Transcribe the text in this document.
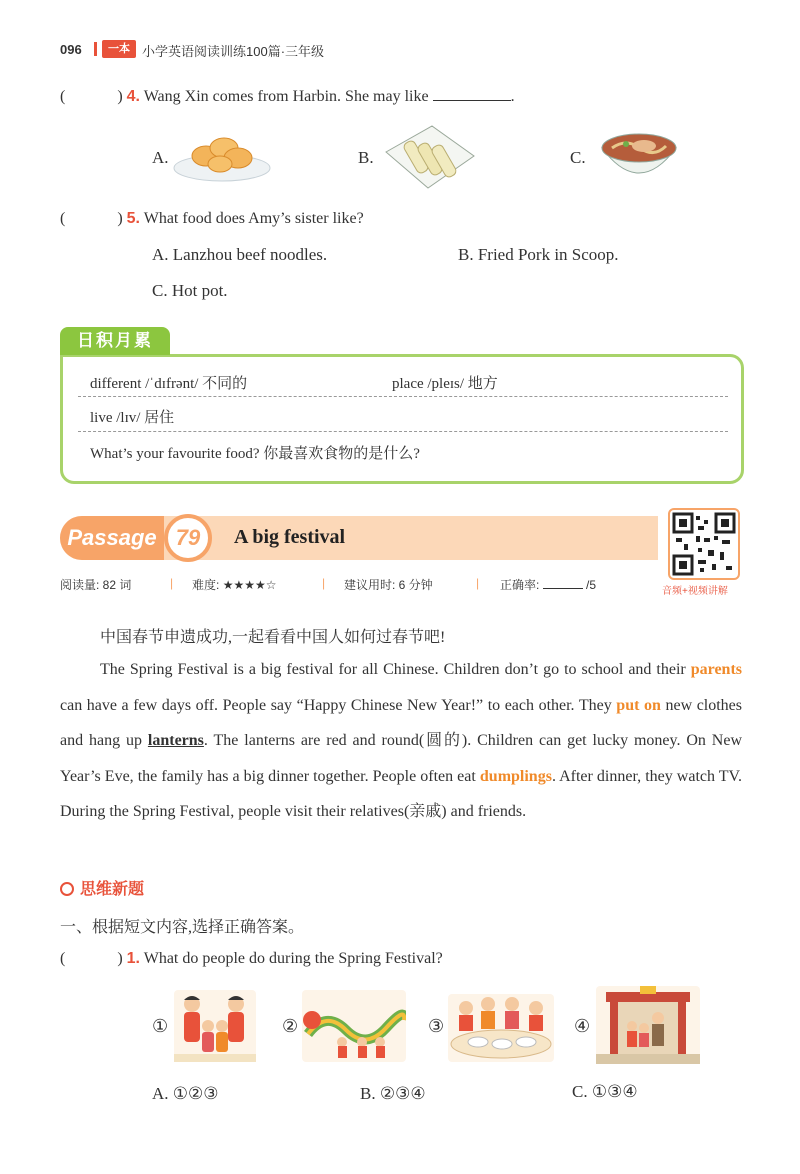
096	一本 小学英语阅读训练100篇·三年级
(	) 4. Wang Xin comes from Harbin. She may like	.
A.	B.	C.
(	) 5. What food does Amy’s sister like?
A. Lanzhou beef noodles.	B. Fried Pork in Scoop.
C. Hot pot.
日积月累
different /ˈdɪfrənt/ 不同的	place /pleɪs/ 地方
live /lɪv/ 居住
What’s your favourite food? 你最喜欢食物的是什么?
Passage 79	A big festival
音频+视频讲解
阅读量: 82 词	| 难度: ★★★★☆	| 建议用时: 6 分钟	| 正确率:	/5
中国春节申遗成功,一起看看中国人如何过春节吧!
The Spring Festival is a big festival for all Chinese. Children don’t go to school and their parents can have a few days off. People say “Happy Chinese New Year!” to each other. They put on new clothes and hang up lanterns. The lanterns are red and round(圆的). Children can get lucky money. On New Year’s Eve, the family has a big dinner together. People often eat dumplings. After dinner, they watch TV. During the Spring Festival, people visit their relatives(亲戚) and friends.
思维新题
一、根据短文内容,选择正确答案。
(	) 1. What do people do during the Spring Festival?
①	②	③	④
A. ①②③	B. ②③④	C. ①③④
